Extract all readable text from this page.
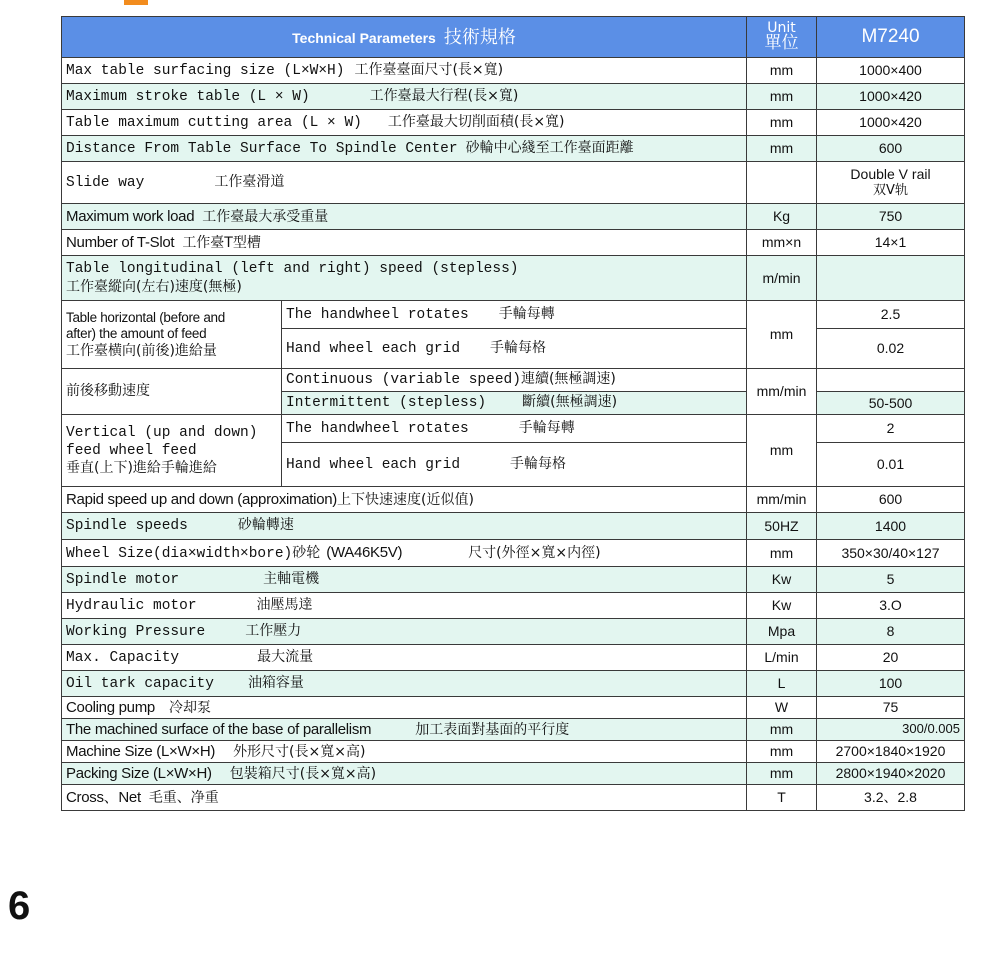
Technical Parameters 技術規格		Unit
單位	M7240
Max table surfacing size (L×W×H) 工作臺臺面尺寸(長×寬)		mm	1000×400
Maximum stroke table (L × W) 工作臺最大行程(長×寬)		mm	1000×420
Table maximum cutting area (L × W) 工作臺最大切削面積(長×寬)		mm	1000×420
Distance From Table Surface To Spindle Center 砂輪中心綫至工作臺面距離		mm	600
Slide way 工作臺滑道			Double V rail
双V轨
Maximum work load 工作臺最大承受重量		Kg	750
Number of T-Slot 工作臺T型槽		mm×n	14×1
Table longitudinal (left and right) speed (stepless)
工作臺縱向(左右)速度(無極)		m/min	
Table horizontal (before and
after) the amount of feed
工作臺横向(前後)進給量	The handwheel rotates 手輪每轉	mm	2.5
	Hand wheel each grid 手輪每格		0.02
前後移動速度	Continuous (variable speed)連續(無極調速)	mm/min	
	Intermittent (stepless) 斷續(無極調速)		50-500
Vertical (up and down)
feed wheel feed
垂直(上下)進給手輪進給	The handwheel rotates 手輪每轉	mm	2
	Hand wheel each grid 手輪每格		0.01
Rapid speed up and down (approximation)上下快速速度(近似值)		mm/min	600
Spindle speeds 砂輪轉速		50HZ	1400
Wheel Size(dia×width×bore)砂轮 (WA46K5V) 尺寸(外徑×寬×内徑)		mm	350×30/40×127
Spindle motor 主軸電機		Kw	5
Hydraulic motor 油壓馬達		Kw	3.O
Working Pressure 工作壓力		Mpa	8
Max. Capacity 最大流量		L/min	20
Oil tark capacity 油箱容量		L	100
Cooling pump 冷却泵		W	75
The machined surface of the base of parallelism 加工表面對基面的平行度		mm	300/0.005
Machine Size (L×W×H) 外形尺寸(長×寬×高)		mm	2700×1840×1920
Packing Size (L×W×H) 包裝箱尺寸(長×寬×高)		mm	2800×1940×2020
Cross、Net 毛重、净重		T	3.2、2.8
6
